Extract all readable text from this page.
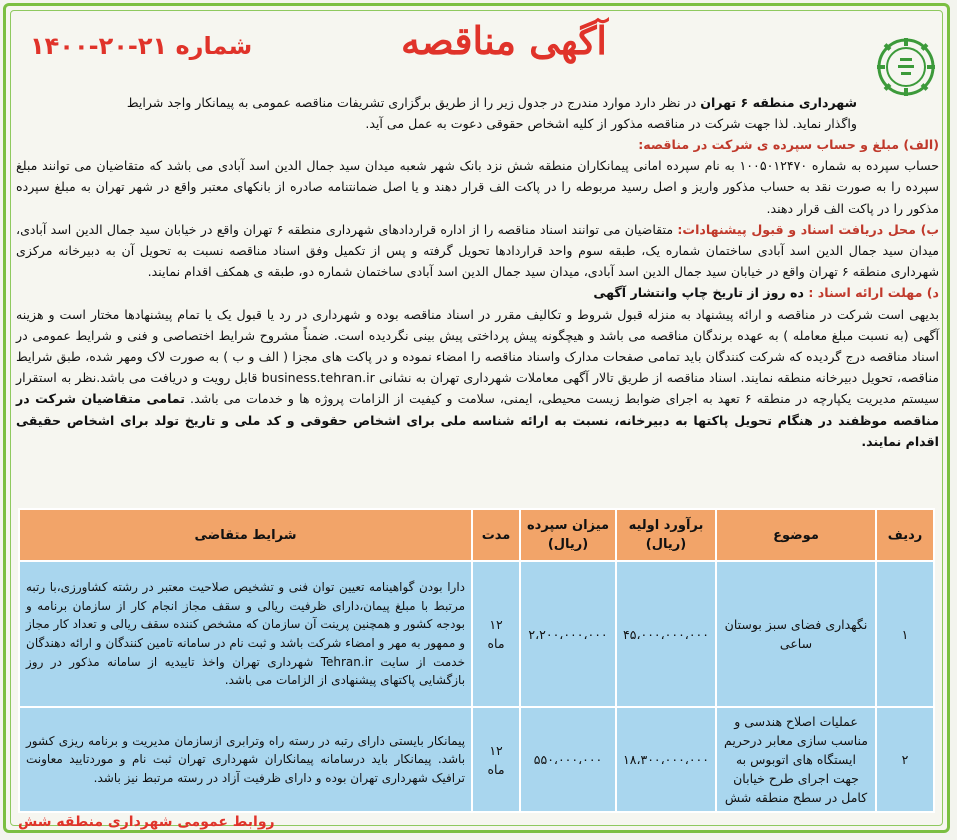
آگهی مناقصه
شماره ۲۱-۲۰-۱۴۰۰

شهرداری منطقه ۶ تهران در نظر دارد موارد مندرج در جدول زیر را از طریق برگزاری تشریفات مناقصه عمومی به پیمانکار واجد شرایط

واگذار نماید. لذا جهت شرکت در مناقصه مذکور از کلیه اشخاص حقوقی دعوت به عمل می آید.

(الف) مبلغ و حساب سپرده ی شرکت در مناقصه:

حساب سپرده به شماره ۱۰۰۵۰۱۲۴۷۰ به نام سپرده امانی پیمانکاران منطقه شش نزد بانک شهر شعبه میدان سید جمال الدین اسد آبادی می باشد که متقاضیان می توانند مبلغ سپرده را به صورت نقد به حساب مذکور واریز و اصل رسید مربوطه را در پاکت الف قرار دهند و یا اصل ضمانتنامه صادره از بانکهای معتبر واقع در شهر تهران به مبلغ سپرده مذکور را در پاکت الف قرار دهند.

ب) محل دریافت اسناد و قبول پیشنهادات: متقاضیان می توانند اسناد مناقصه را از اداره قراردادهای شهرداری منطقه ۶ تهران واقع در خیابان سید جمال الدین اسد آبادی، میدان سید جمال الدین اسد آبادی ساختمان شماره یک، طبقه سوم واحد قراردادها تحویل گرفته و پس از تکمیل وفق اسناد مناقصه نسبت به تحویل آن به دبیرخانه مرکزی شهرداری منطقه ۶ تهران واقع در خیابان سید جمال الدین اسد آبادی، میدان سید جمال الدین اسد آبادی ساختمان شماره دو، طبقه ی همکف اقدام نمایند.

د) مهلت ارائه اسناد : ده روز از تاریخ چاپ وانتشار آگهی

بدیهی است شرکت در مناقصه و ارائه پیشنهاد به منزله قبول شروط و تکالیف مقرر در اسناد مناقصه بوده و شهرداری در رد یا قبول یک یا تمام پیشنهادها مختار است و هزینه آگهی (به نسبت مبلغ معامله ) به عهده برندگان مناقصه می باشد و هیچگونه پیش پرداختی پیش بینی نگردیده است. ضمناً مشروح شرایط اختصاصی و فنی و شرایط عمومی در اسناد مناقصه درج گردیده که شرکت کنندگان باید تمامی صفحات مدارک واسناد مناقصه را امضاء نموده و در پاکت های مجزا ( الف و ب ) به صورت لاک ومهر شده، طبق شرایط مناقصه، تحویل دبیرخانه منطقه نمایند. اسناد مناقصه از طریق تالار آگهی معاملات شهرداری تهران به نشانی business.tehran.ir قابل رویت و دریافت می باشد.نظر به استقرار سیستم مدیریت یکپارچه در منطقه ۶ تعهد به اجرای ضوابط زیست محیطی، ایمنی، سلامت و کیفیت از الزامات پروژه ها و خدمات می باشد. تمامی متقاضیان شرکت در مناقصه موظفند در هنگام تحویل پاکتها به دبیرخانه، نسبت به ارائه شناسه ملی برای اشخاص حقوقی و کد ملی و تاریخ تولد برای اشخاص حقیقی اقدام نمایند.

ردیف	موضوع	برآورد اولیه (ریال)	میزان سپرده (ریال)	مدت	شرایط متقاضی
۱	نگهداری فضای سبز بوستان ساعی	۴۵،۰۰۰،۰۰۰،۰۰۰	۲،۲۰۰،۰۰۰،۰۰۰	۱۲ ماه	دارا بودن گواهینامه تعیین توان فنی و تشخیص صلاحیت معتبر در رشته کشاورزی،با رتبه مرتبط با مبلغ پیمان،دارای ظرفیت ریالی و سقف مجاز انجام کار از سازمان برنامه و بودجه کشور و همچنین پرینت آن سازمان که مشخص کننده سقف ریالی و تعداد کار مجاز و ممهور به مهر و امضاء شرکت باشد و ثبت نام در سامانه تامین کنندگان و ارائه دهندگان خدمت از سایت Tehran.ir شهرداری تهران واخذ تاییدیه از سامانه مذکور در روز بازگشایی پاکتهای پیشنهادی از الزامات می باشد.
۲	عملیات اصلاح هندسی و مناسب سازی معابر درحریم ایستگاه های اتوبوس به جهت اجرای طرح خیابان کامل در سطح منطقه شش	۱۸،۳۰۰،۰۰۰،۰۰۰	۵۵۰،۰۰۰،۰۰۰	۱۲ ماه	پیمانکار بایستی دارای رتبه در رسته راه وترابری ازسازمان مدیریت و برنامه ریزی کشور باشد. پیمانکار باید درسامانه پیمانکاران شهرداری تهران ثبت نام و موردتایید معاونت ترافیک شهرداری تهران بوده و دارای ظرفیت آزاد در رسته مرتبط نیز باشد.
روابط عمومی شهرداری منطقه شش
